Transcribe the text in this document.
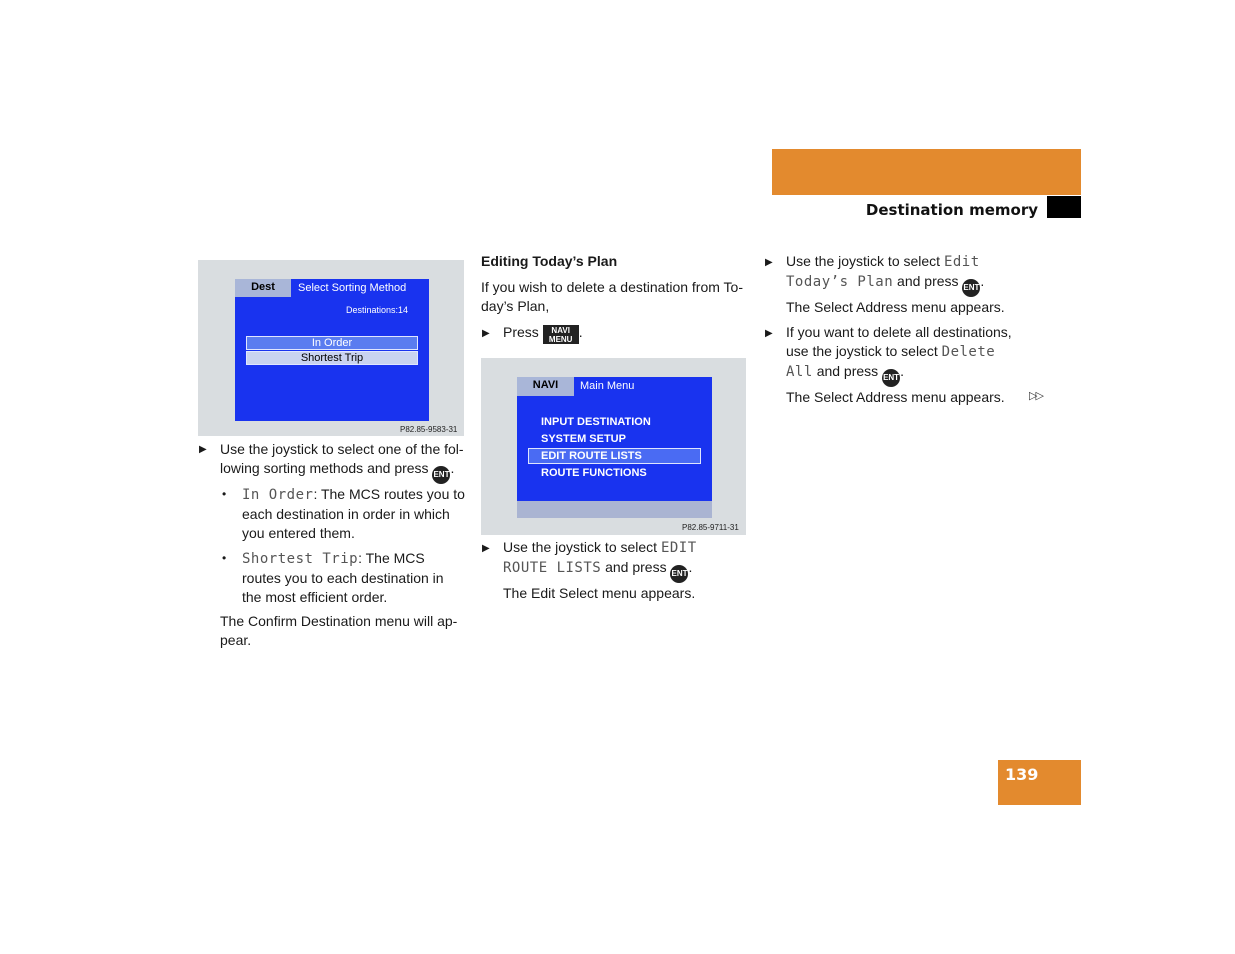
Navigation*
Destination memory
Dest	Select Sorting Method
Destinations:14
In Order
Shortest Trip
P82.85-9583-31
▶ Use the joystick to select one of the fol-
lowing sorting methods and press ENT.
• In Order: The MCS routes you to
each destination in order in which
you entered them.
• Shortest Trip: The MCS
routes you to each destination in
the most efficient order.
The Confirm Destination menu will ap-
pear.
Editing Today’s Plan
If you wish to delete a destination from To-
day’s Plan,
▶ Press NAVI
MENU .
NAVI	Main Menu
INPUT DESTINATION
SYSTEM SETUP
EDIT ROUTE LISTS
ROUTE FUNCTIONS
P82.85-9711-31
▶ Use the joystick to select EDIT
ROUTE LISTS and press ENT.
The Edit Select menu appears.
▶ Use the joystick to select Edit
Today’s Plan and press ENT.
The Select Address menu appears.
▶ If you want to delete all destinations,
use the joystick to select Delete
All and press ENT.
The Select Address menu appears. ▷▷
139
